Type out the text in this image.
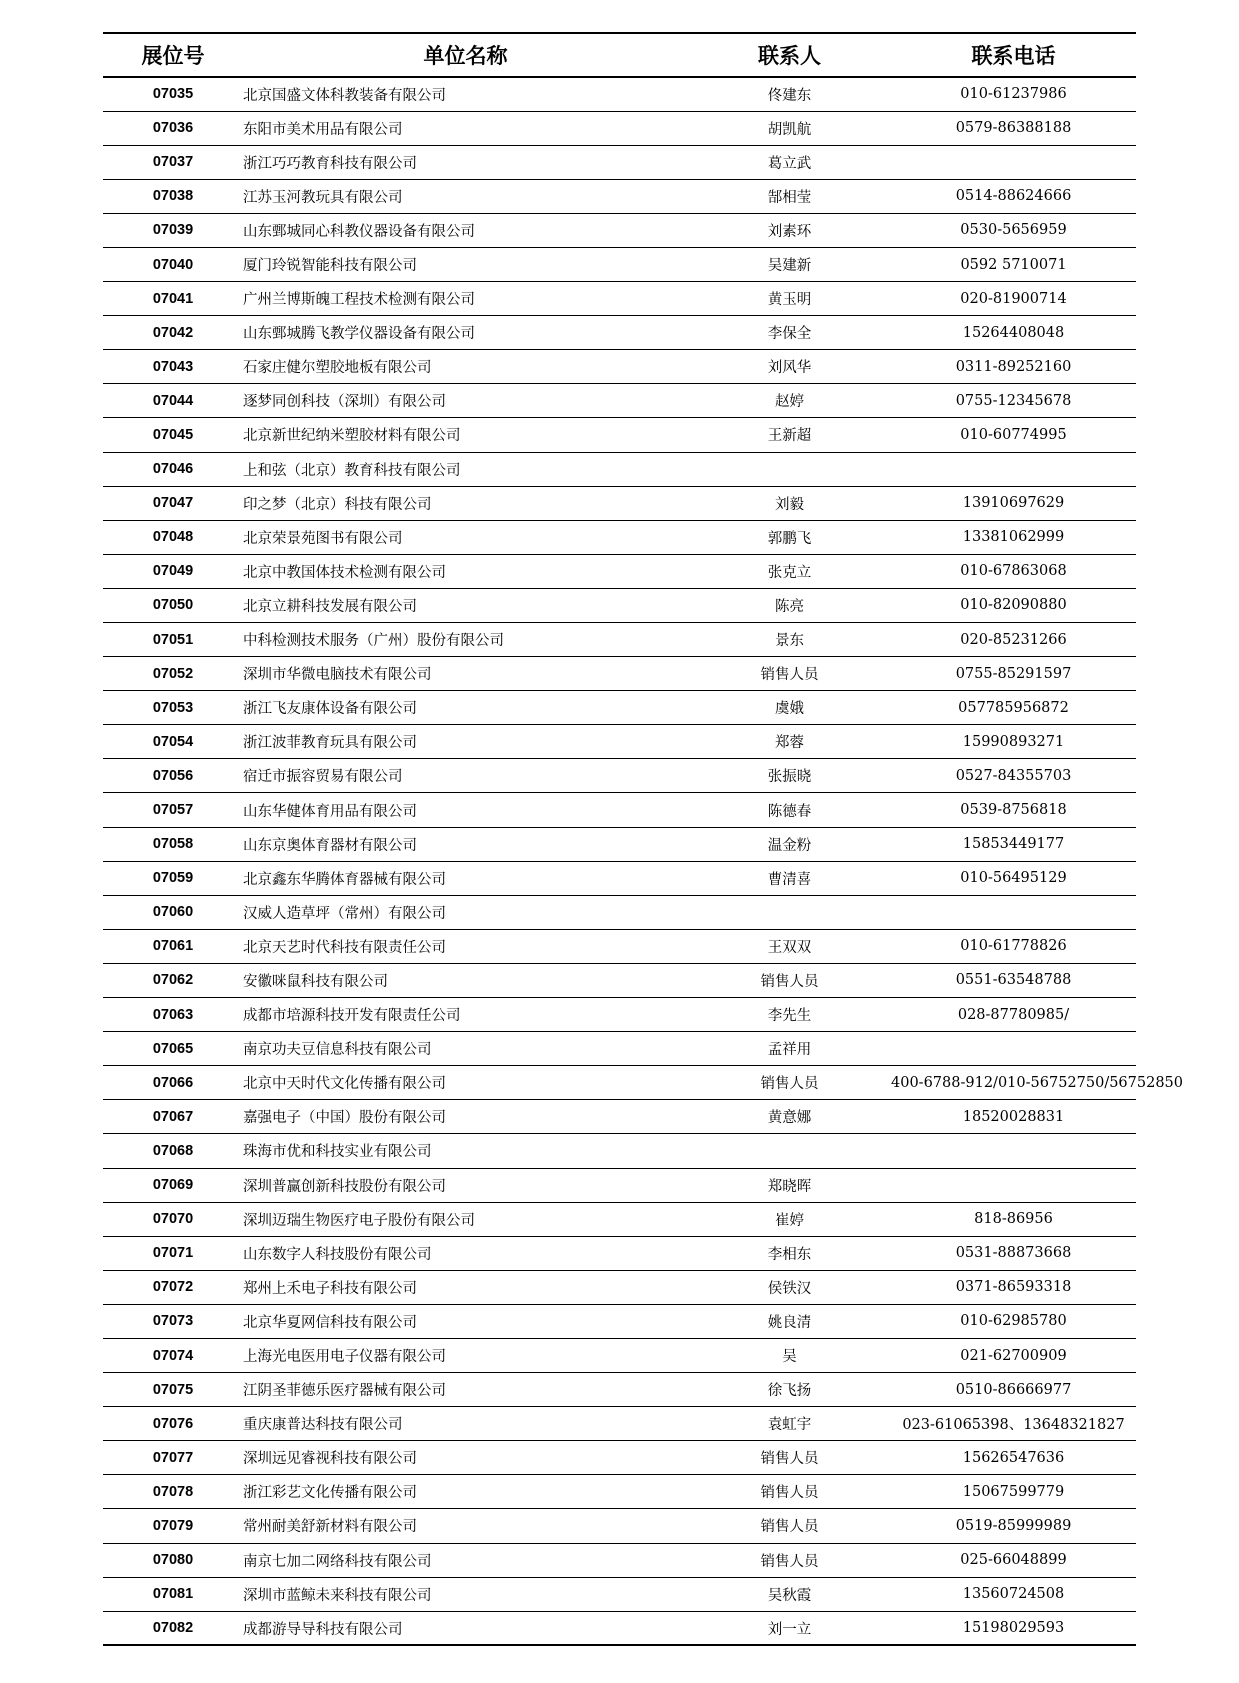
展位号	单位名称	联系人	联系电话
07035	北京国盛文体科教装备有限公司	佟建东	010-61237986
07036	东阳市美术用品有限公司	胡凯航	0579-86388188
07037	浙江巧巧教育科技有限公司	葛立武	
07038	江苏玉河教玩具有限公司	郜相莹	0514-88624666
07039	山东鄄城同心科教仪器设备有限公司	刘素环	0530-5656959
07040	厦门玲锐智能科技有限公司	吴建新	0592 5710071
07041	广州兰博斯魄工程技术检测有限公司	黄玉明	020-81900714
07042	山东鄄城腾飞教学仪器设备有限公司	李保全	15264408048
07043	石家庄健尔塑胶地板有限公司	刘风华	0311-89252160
07044	逐梦同创科技（深圳）有限公司	赵婷	0755-12345678
07045	北京新世纪纳米塑胶材料有限公司	王新超	010-60774995
07046	上和弦（北京）教育科技有限公司		
07047	印之梦（北京）科技有限公司	刘毅	13910697629
07048	北京荣景苑图书有限公司	郭鹏飞	13381062999
07049	北京中教国体技术检测有限公司	张克立	010-67863068
07050	北京立耕科技发展有限公司	陈亮	010-82090880
07051	中科检测技术服务（广州）股份有限公司	景东	020-85231266
07052	深圳市华微电脑技术有限公司	销售人员	0755-85291597
07053	浙江飞友康体设备有限公司	虞娥	057785956872
07054	浙江波菲教育玩具有限公司	郑蓉	15990893271
07056	宿迁市振容贸易有限公司	张振晓	0527-84355703
07057	山东华健体育用品有限公司	陈德春	0539-8756818
07058	山东京奥体育器材有限公司	温金粉	15853449177
07059	北京鑫东华腾体育器械有限公司	曹清喜	010-56495129
07060	汉威人造草坪（常州）有限公司		
07061	北京天艺时代科技有限责任公司	王双双	010-61778826
07062	安徽咪鼠科技有限公司	销售人员	0551-63548788
07063	成都市培源科技开发有限责任公司	李先生	028-87780985/
07065	南京功夫豆信息科技有限公司	孟祥用	
07066	北京中天时代文化传播有限公司	销售人员	400-6788-912/010-56752750/56752850
07067	嘉强电子（中国）股份有限公司	黄意娜	18520028831
07068	珠海市优和科技实业有限公司		
07069	深圳普赢创新科技股份有限公司	郑晓晖	
07070	深圳迈瑞生物医疗电子股份有限公司	崔婷	818-86956
07071	山东数字人科技股份有限公司	李相东	0531-88873668
07072	郑州上禾电子科技有限公司	侯铁汉	0371-86593318
07073	北京华夏网信科技有限公司	姚良清	010-62985780
07074	上海光电医用电子仪器有限公司	吴	021-62700909
07075	江阴圣菲德乐医疗器械有限公司	徐飞扬	0510-86666977
07076	重庆康普达科技有限公司	袁虹宇	023-61065398、13648321827
07077	深圳远见睿视科技有限公司	销售人员	15626547636
07078	浙江彩艺文化传播有限公司	销售人员	15067599779
07079	常州耐美舒新材料有限公司	销售人员	0519-85999989
07080	南京七加二网络科技有限公司	销售人员	025-66048899
07081	深圳市蓝鲸未来科技有限公司	吴秋霞	13560724508
07082	成都游导导科技有限公司	刘一立	15198029593
